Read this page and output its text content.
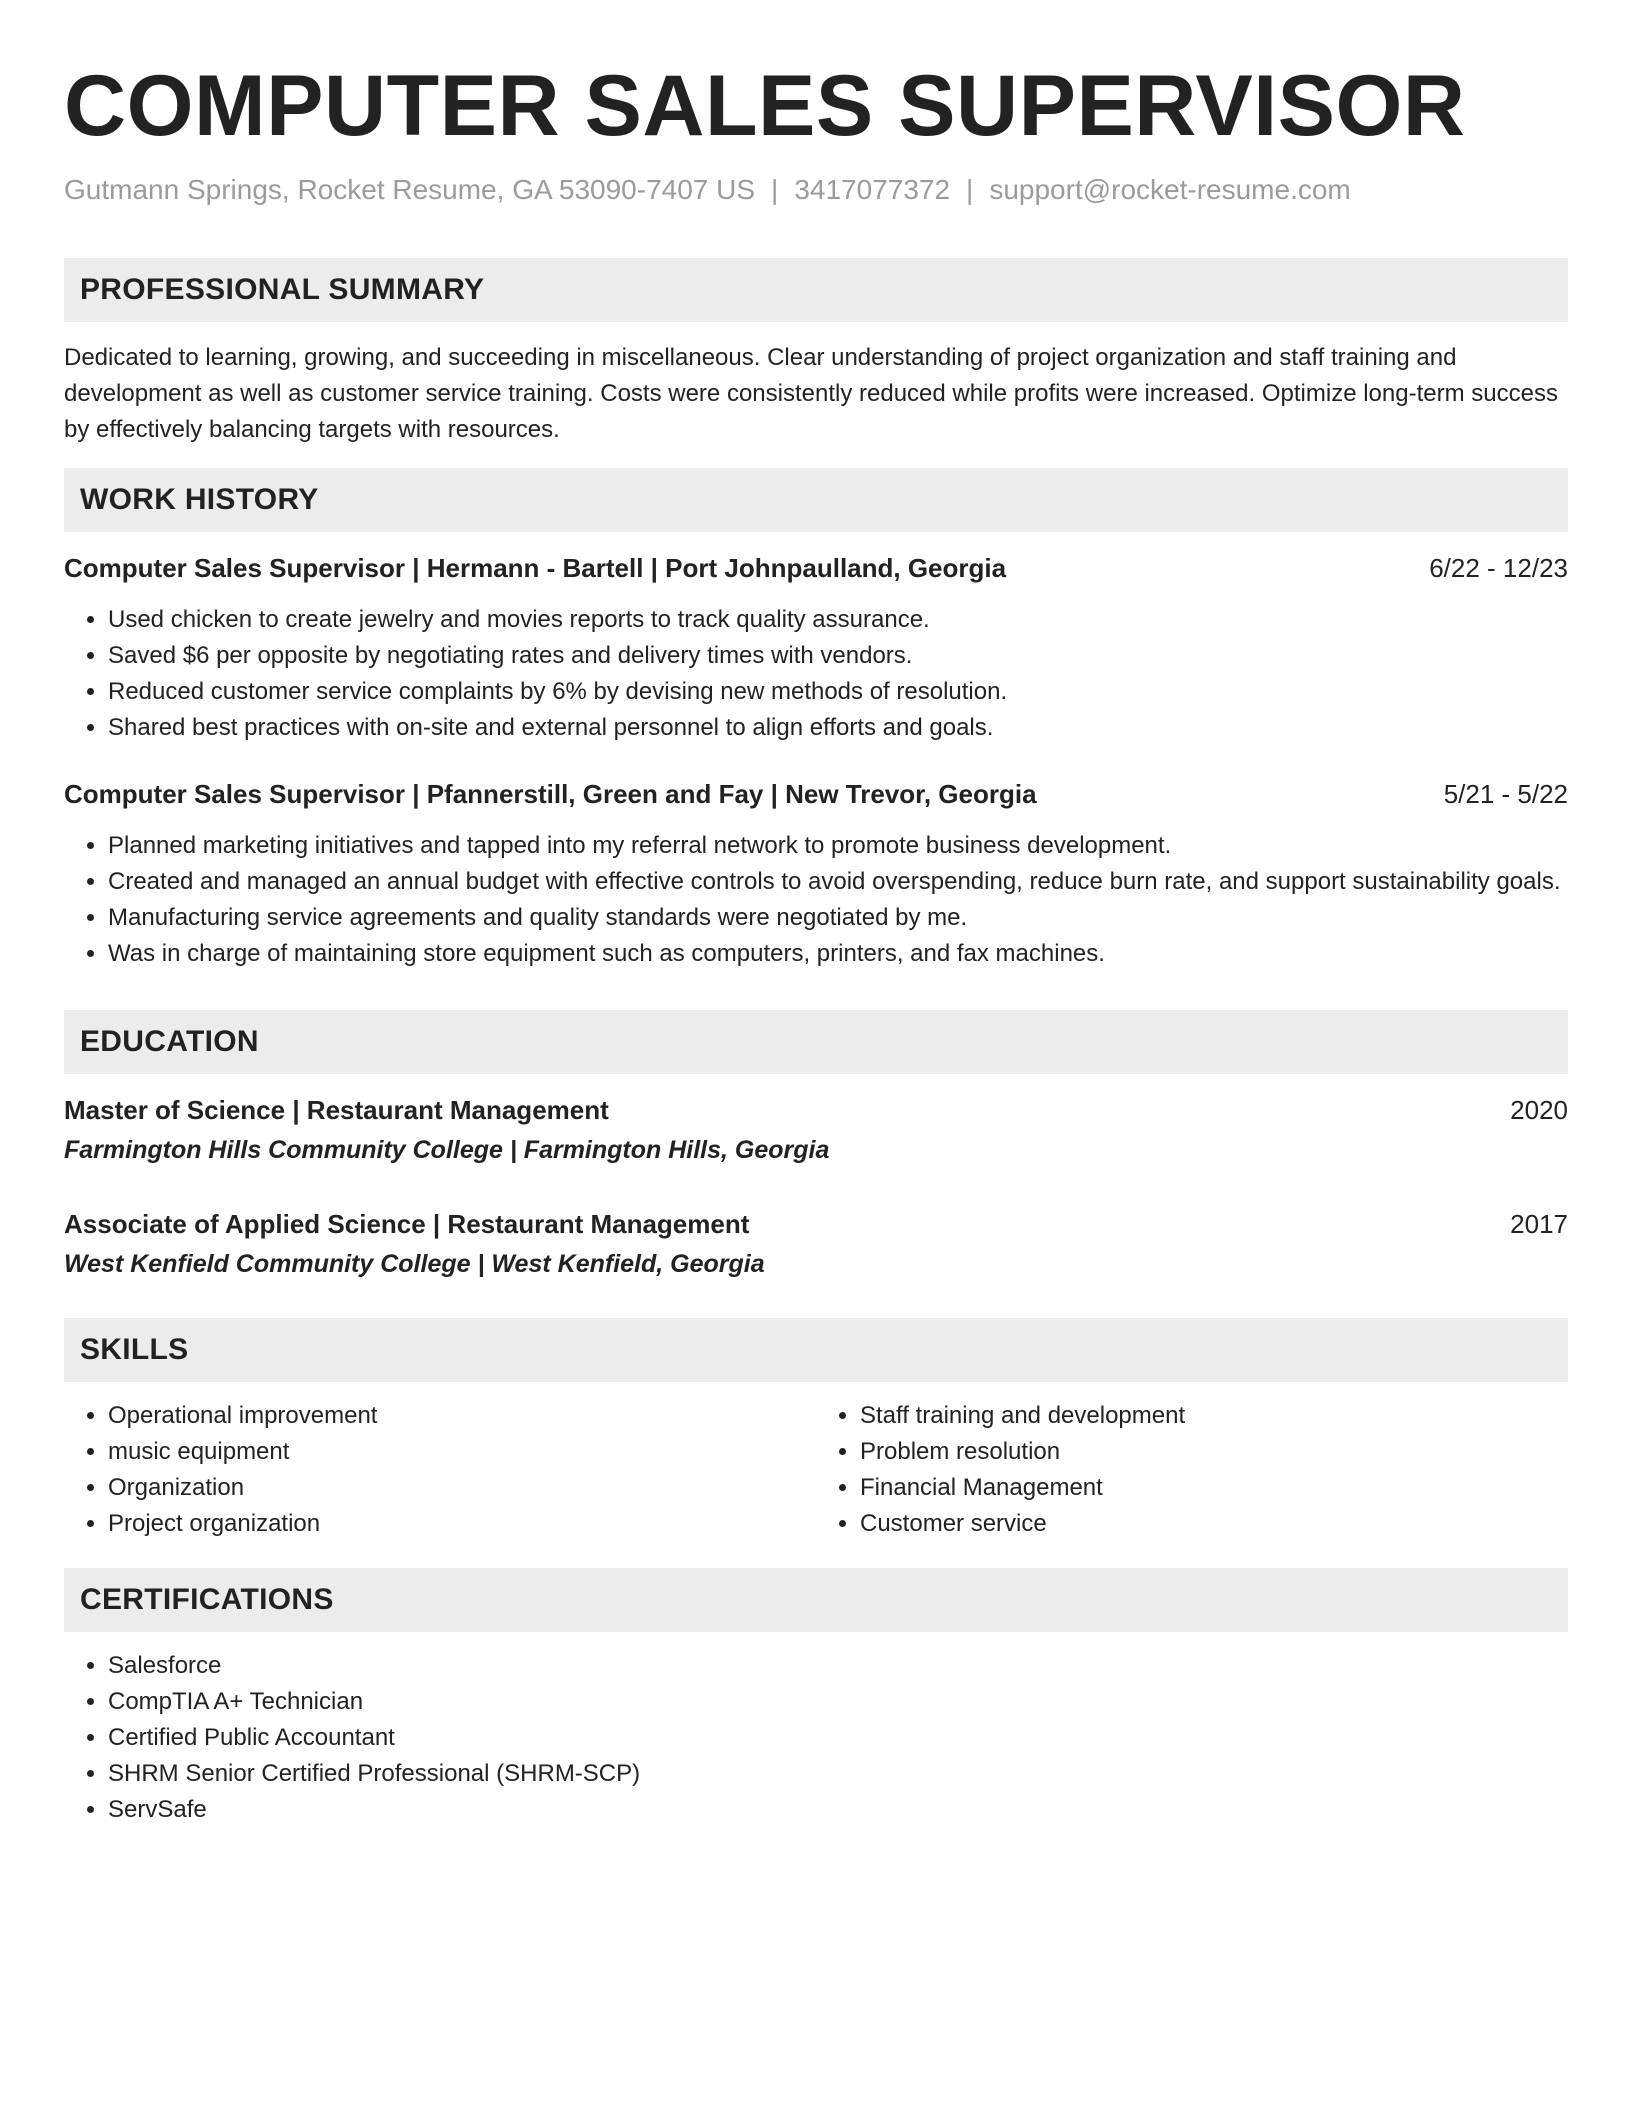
COMPUTER SALES SUPERVISOR
Gutmann Springs, Rocket Resume, GA 53090-7407 US | 3417077372 | support@rocket-resume.com
PROFESSIONAL SUMMARY

Dedicated to learning, growing, and succeeding in miscellaneous. Clear understanding of project organization and staff training and development as well as customer service training. Costs were consistently reduced while profits were increased. Optimize long-term success by effectively balancing targets with resources.

WORK HISTORY
Computer Sales Supervisor | Hermann - Bartell | Port Johnpaulland, Georgia	6/22 - 12/23
• Used chicken to create jewelry and movies reports to track quality assurance.
• Saved $6 per opposite by negotiating rates and delivery times with vendors.
• Reduced customer service complaints by 6% by devising new methods of resolution.
• Shared best practices with on-site and external personnel to align efforts and goals.
Computer Sales Supervisor | Pfannerstill, Green and Fay | New Trevor, Georgia	5/21 - 5/22
• Planned marketing initiatives and tapped into my referral network to promote business development.
• Created and managed an annual budget with effective controls to avoid overspending, reduce burn rate, and support sustainability goals.
• Manufacturing service agreements and quality standards were negotiated by me.
• Was in charge of maintaining store equipment such as computers, printers, and fax machines.
EDUCATION
Master of Science | Restaurant Management	2020
Farmington Hills Community College | Farmington Hills, Georgia
Associate of Applied Science | Restaurant Management	2017
West Kenfield Community College | West Kenfield, Georgia
SKILLS
• Operational improvement
• music equipment
• Organization
• Project organization
• Staff training and development
• Problem resolution
• Financial Management
• Customer service
CERTIFICATIONS
• Salesforce
• CompTIA A+ Technician
• Certified Public Accountant
• SHRM Senior Certified Professional (SHRM-SCP)
• ServSafe
